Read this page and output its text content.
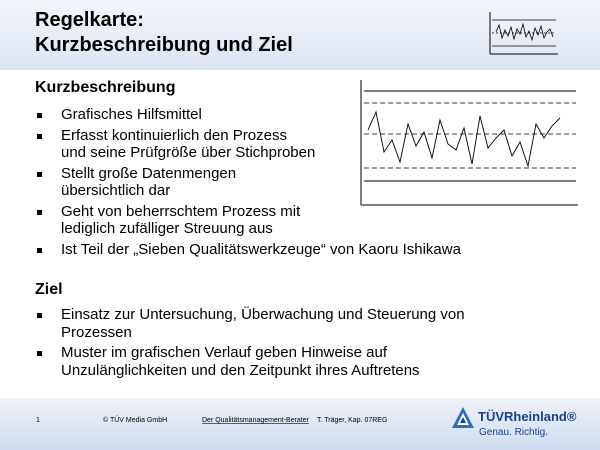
Regelkarte:
Kurzbeschreibung und Ziel
Kurzbeschreibung
Grafisches Hilfsmittel
Erfasst kontinuierlich den Prozess
und seine Prüfgröße über Stichproben
Stellt große Datenmengen
übersichtlich dar
Geht von beherrschtem Prozess mit
lediglich zufälliger Streuung aus
Ist Teil der „Sieben Qualitätswerkzeuge“ von Kaoru Ishikawa
Ziel
Einsatz zur Untersuchung, Überwachung und Steuerung von
Prozessen
Muster im grafischen Verlauf geben Hinweise auf
Unzulänglichkeiten und den Zeitpunkt ihres Auftretens
1	© TÜV Media GmbH	Der Qualitätsmanagement-Berater T. Träger, Kap. 07REG	TÜVRheinland®
Genau. Richtig.
